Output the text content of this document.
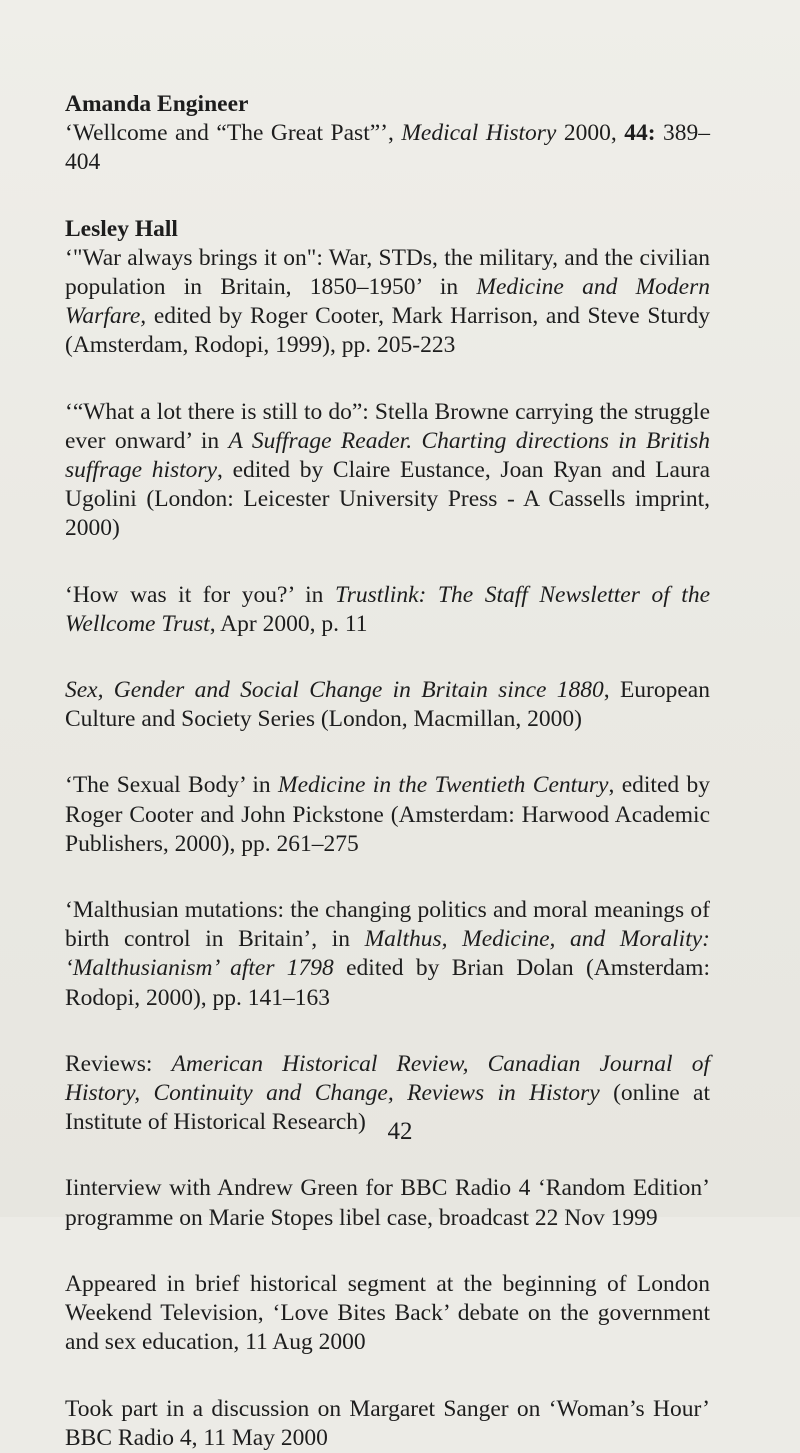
Amanda Engineer
‘Wellcome and “The Great Past”’, Medical History 2000, 44: 389–404
Lesley Hall
‘"War always brings it on": War, STDs, the military, and the civilian population in Britain, 1850–1950’ in Medicine and Modern Warfare, edited by Roger Cooter, Mark Harrison, and Steve Sturdy (Amsterdam, Rodopi, 1999), pp. 205-223
‘“What a lot there is still to do”: Stella Browne carrying the struggle ever onward’ in A Suffrage Reader. Charting directions in British suffrage history, edited by Claire Eustance, Joan Ryan and Laura Ugolini (London: Leicester University Press - A Cassells imprint, 2000)
‘How was it for you?’ in Trustlink: The Staff Newsletter of the Wellcome Trust, Apr 2000, p. 11
Sex, Gender and Social Change in Britain since 1880, European Culture and Society Series (London, Macmillan, 2000)
‘The Sexual Body’ in Medicine in the Twentieth Century, edited by Roger Cooter and John Pickstone (Amsterdam: Harwood Academic Publishers, 2000), pp. 261–275
‘Malthusian mutations: the changing politics and moral meanings of birth control in Britain’, in Malthus, Medicine, and Morality: ‘Malthusianism’ after 1798 edited by Brian Dolan (Amsterdam: Rodopi, 2000), pp. 141–163
Reviews: American Historical Review, Canadian Journal of History, Continuity and Change, Reviews in History (online at Institute of Historical Research)
Iinterview with Andrew Green for BBC Radio 4 ‘Random Edition’ programme on Marie Stopes libel case, broadcast 22 Nov 1999
Appeared in brief historical segment at the beginning of London Weekend Television, ‘Love Bites Back’ debate on the government and sex education, 11 Aug 2000
Took part in a discussion on Margaret Sanger on ‘Woman’s Hour’ BBC Radio 4, 11 May 2000
42
